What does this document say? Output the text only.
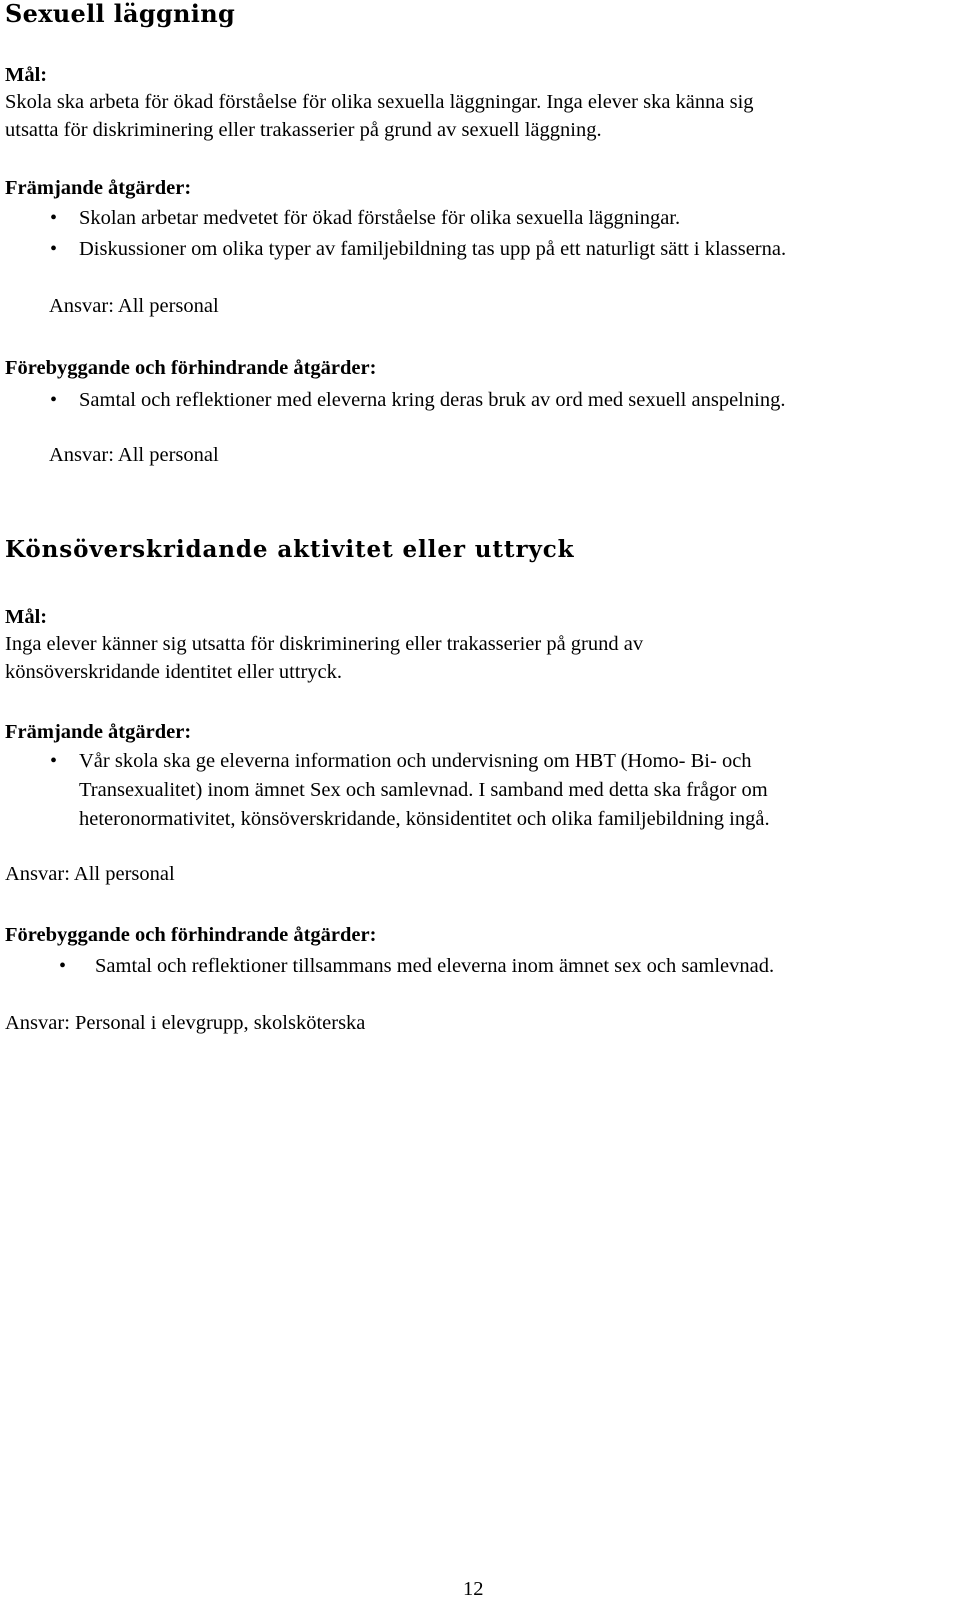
Sexuell läggning
Mål:
Skola ska arbeta för ökad förståelse för olika sexuella läggningar. Inga elever ska känna sig
utsatta för diskriminering eller trakasserier på grund av sexuell läggning.
Främjande åtgärder:
• Skolan arbetar medvetet för ökad förståelse för olika sexuella läggningar.
• Diskussioner om olika typer av familjebildning tas upp på ett naturligt sätt i klasserna.
Ansvar: All personal
Förebyggande och förhindrande åtgärder:
• Samtal och reflektioner med eleverna kring deras bruk av ord med sexuell anspelning.
Ansvar: All personal
Könsöverskridande aktivitet eller uttryck
Mål:
Inga elever känner sig utsatta för diskriminering eller trakasserier på grund av
könsöverskridande identitet eller uttryck.
Främjande åtgärder:
• Vår skola ska ge eleverna information och undervisning om HBT (Homo- Bi- och
Transexualitet) inom ämnet Sex och samlevnad. I samband med detta ska frågor om
heteronormativitet, könsöverskridande, könsidentitet och olika familjebildning ingå.
Ansvar: All personal
Förebyggande och förhindrande åtgärder:
• Samtal och reflektioner tillsammans med eleverna inom ämnet sex och samlevnad.
Ansvar: Personal i elevgrupp, skolsköterska
12
